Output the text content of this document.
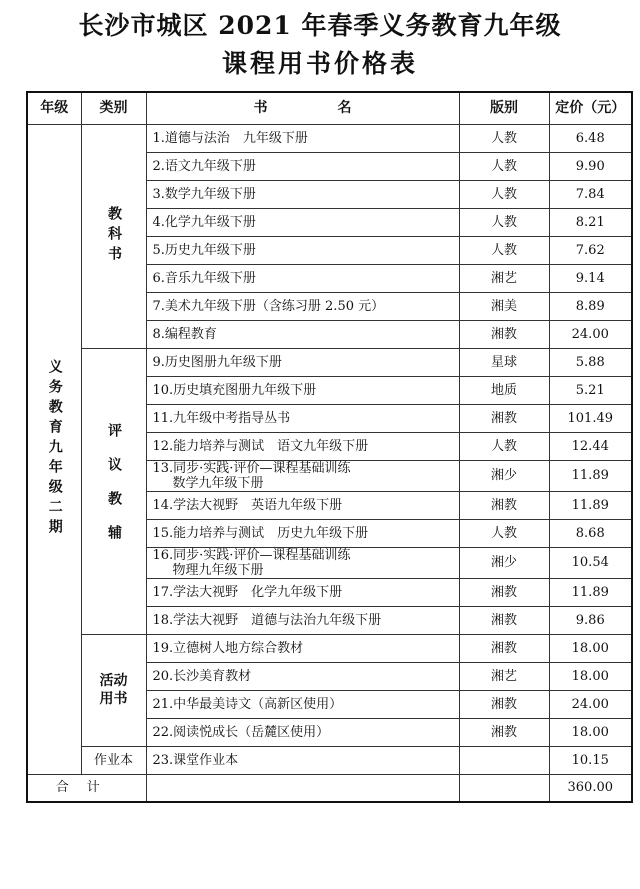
长沙市城区 2021 年春季义务教育九年级
课程用书价格表
年级	类别	书　　　　　名	版别	定价（元）

义务教育九年级二期	教科书	1.道德与法治　九年级下册	人教	6.48
		2.语文九年级下册	人教	9.90
		3.数学九年级下册	人教	7.84
		4.化学九年级下册	人教	8.21
		5.历史九年级下册	人教	7.62
		6.音乐九年级下册	湘艺	9.14
		7.美术九年级下册（含练习册 2.50 元）	湘美	8.89
		8.编程教育	湘教	24.00

	评议教辅	9.历史图册九年级下册	星球	5.88
		10.历史填充图册九年级下册	地质	5.21
		11.九年级中考指导丛书	湘教	101.49
		12.能力培养与测试　语文九年级下册	人教	12.44

		13.同步·实践·评价—课程基础训练
数学九年级下册	湘少	11.89
		14.学法大视野　英语九年级下册	湘教	11.89
		15.能力培养与测试　历史九年级下册	人教	8.68

		16.同步·实践·评价—课程基础训练
物理九年级下册	湘少	10.54
		17.学法大视野　化学九年级下册	湘教	11.89
		18.学法大视野　道德与法治九年级下册	湘教	9.86

	活动用书	19.立德树人地方综合教材	湘教	18.00
		20.长沙美育教材	湘艺	18.00
		21.中华最美诗文（高新区使用）	湘教	24.00
		22.阅读悦成长（岳麓区使用）	湘教	18.00
	作业本	23.课堂作业本		10.15
合计				360.00
